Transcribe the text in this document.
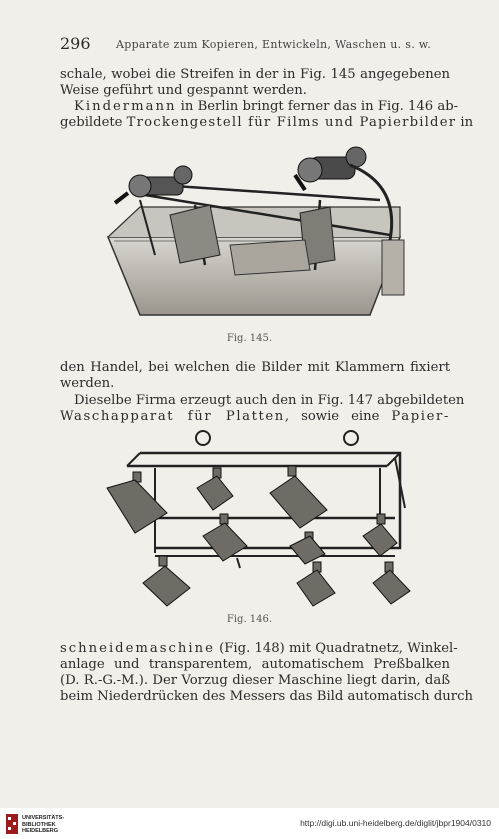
296 Apparate zum Kopieren, Entwickeln, Waschen u. s. w.
schale, wobei die Streifen in der in Fig. 145 angegebenen
Weise geführt und gespannt werden.
Kindermann in Berlin bringt ferner das in Fig. 146 ab-
gebildete Trockengestell für Films und Papierbilder in
Fig. 145.
den Handel, bei welchen die Bilder mit Klammern fixiert
werden.
Dieselbe Firma erzeugt auch den in Fig. 147 abgebildeten
Waschapparat für Platten, sowie eine Papier-
Fig. 146.
schneidemaschine (Fig. 148) mit Quadratnetz, Winkel-
anlage und transparentem, automatischem Preßbalken
(D. R.-G.-M.). Der Vorzug dieser Maschine liegt darin, daß
beim Niederdrücken des Messers das Bild automatisch durch
UNIVERSITÄTS-
BIBLIOTHEK
HEIDELBERG
http://digi.ub.uni-heidelberg.de/diglit/jbpr1904/0310
